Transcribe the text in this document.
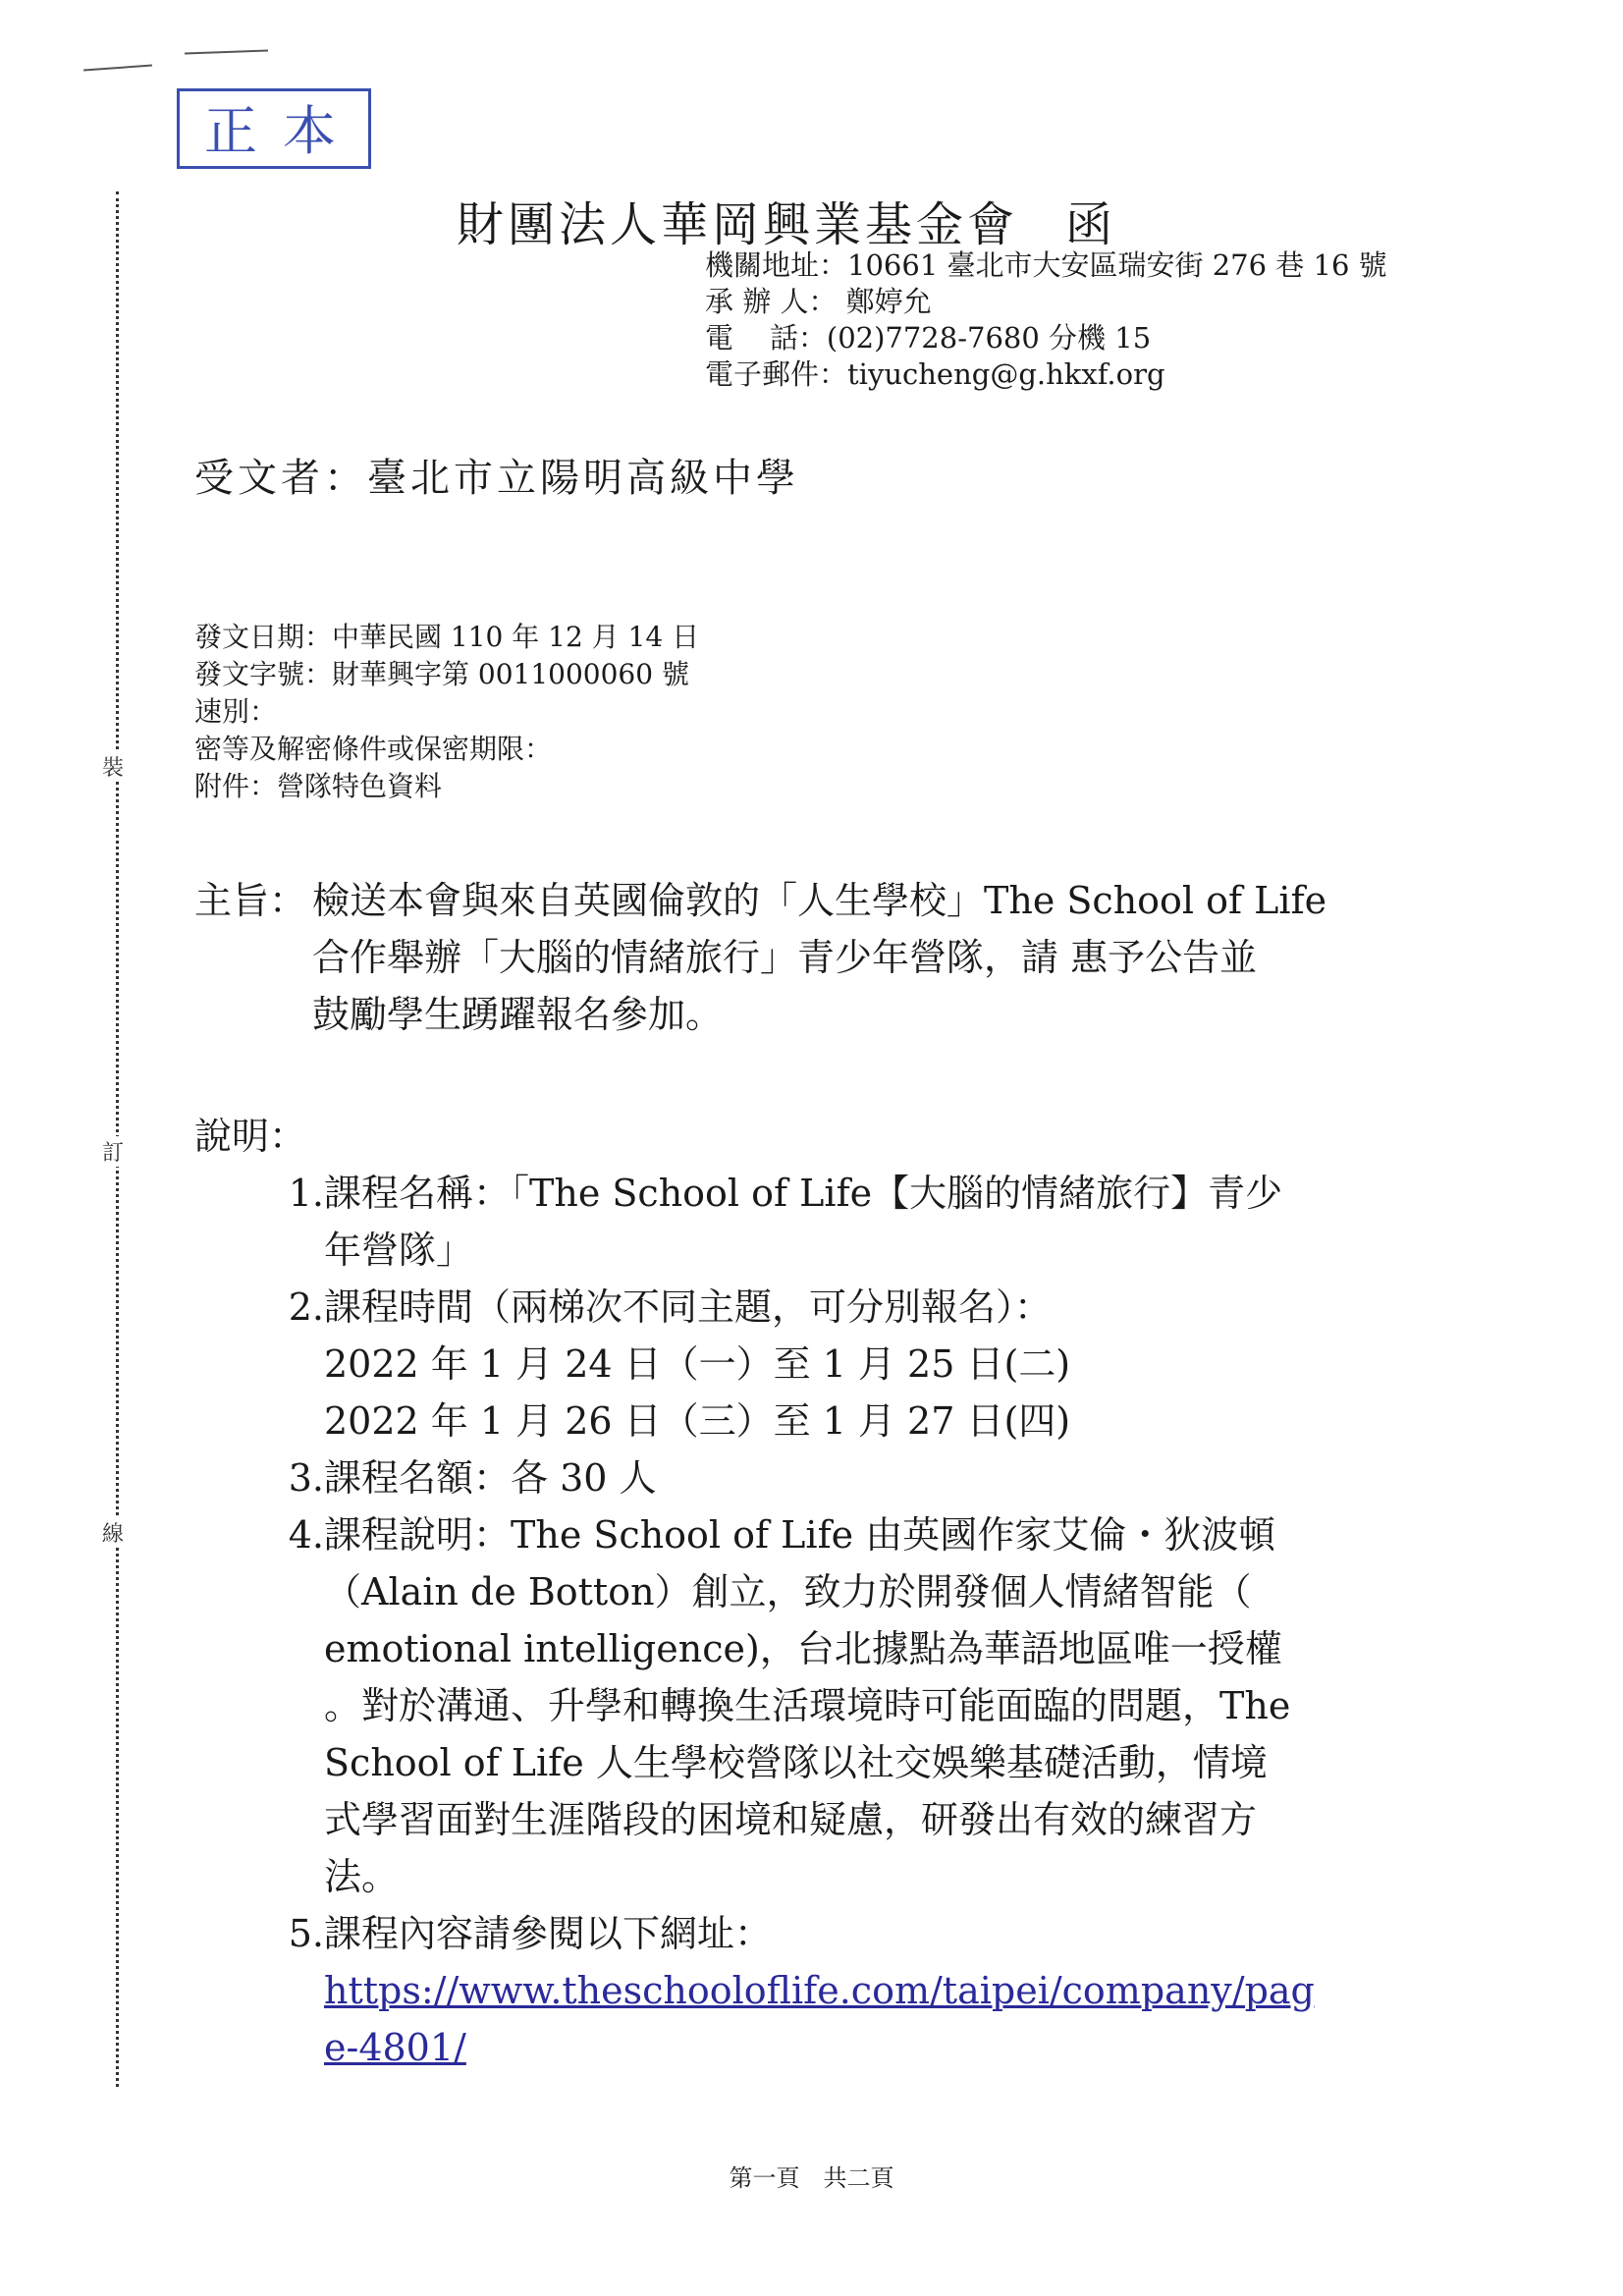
正本
裝
訂
線
財團法人華岡興業基金會 函
機關地址：10661 臺北市大安區瑞安街 276 巷 16 號
承 辦 人： 鄭婷允
電    話：(02)7728-7680 分機 15
電子郵件：tiyucheng@g.hkxf.org
受文者：臺北市立陽明高級中學
發文日期：中華民國 110 年 12 月 14 日
發文字號：財華興字第 0011000060 號
速別：
密等及解密條件或保密期限：
附件：營隊特色資料
主旨： 檢送本會與來自英國倫敦的「人生學校」The School of Life
合作舉辦「大腦的情緒旅行」青少年營隊，請 惠予公告並
鼓勵學生踴躍報名參加。
說明：
1. 課程名稱：「The School of Life【大腦的情緒旅行】青少
年營隊」
2. 課程時間（兩梯次不同主題，可分別報名）：
2022 年 1 月 24 日（一）至 1 月 25 日(二)
2022 年 1 月 26 日（三）至 1 月 27 日(四)
3. 課程名額：各 30 人
4. 課程說明：The School of Life 由英國作家艾倫・狄波頓
（Alain de Botton）創立，致力於開發個人情緒智能（
emotional intelligence)，台北據點為華語地區唯一授權
。對於溝通、升學和轉換生活環境時可能面臨的問題，The
School of Life 人生學校營隊以社交娛樂基礎活動，情境
式學習面對生涯階段的困境和疑慮，研發出有效的練習方
法。
5. 課程內容請參閱以下網址：
https://www.theschooloflife.com/taipei/company/pag
e-4801/
第一頁　共二頁
